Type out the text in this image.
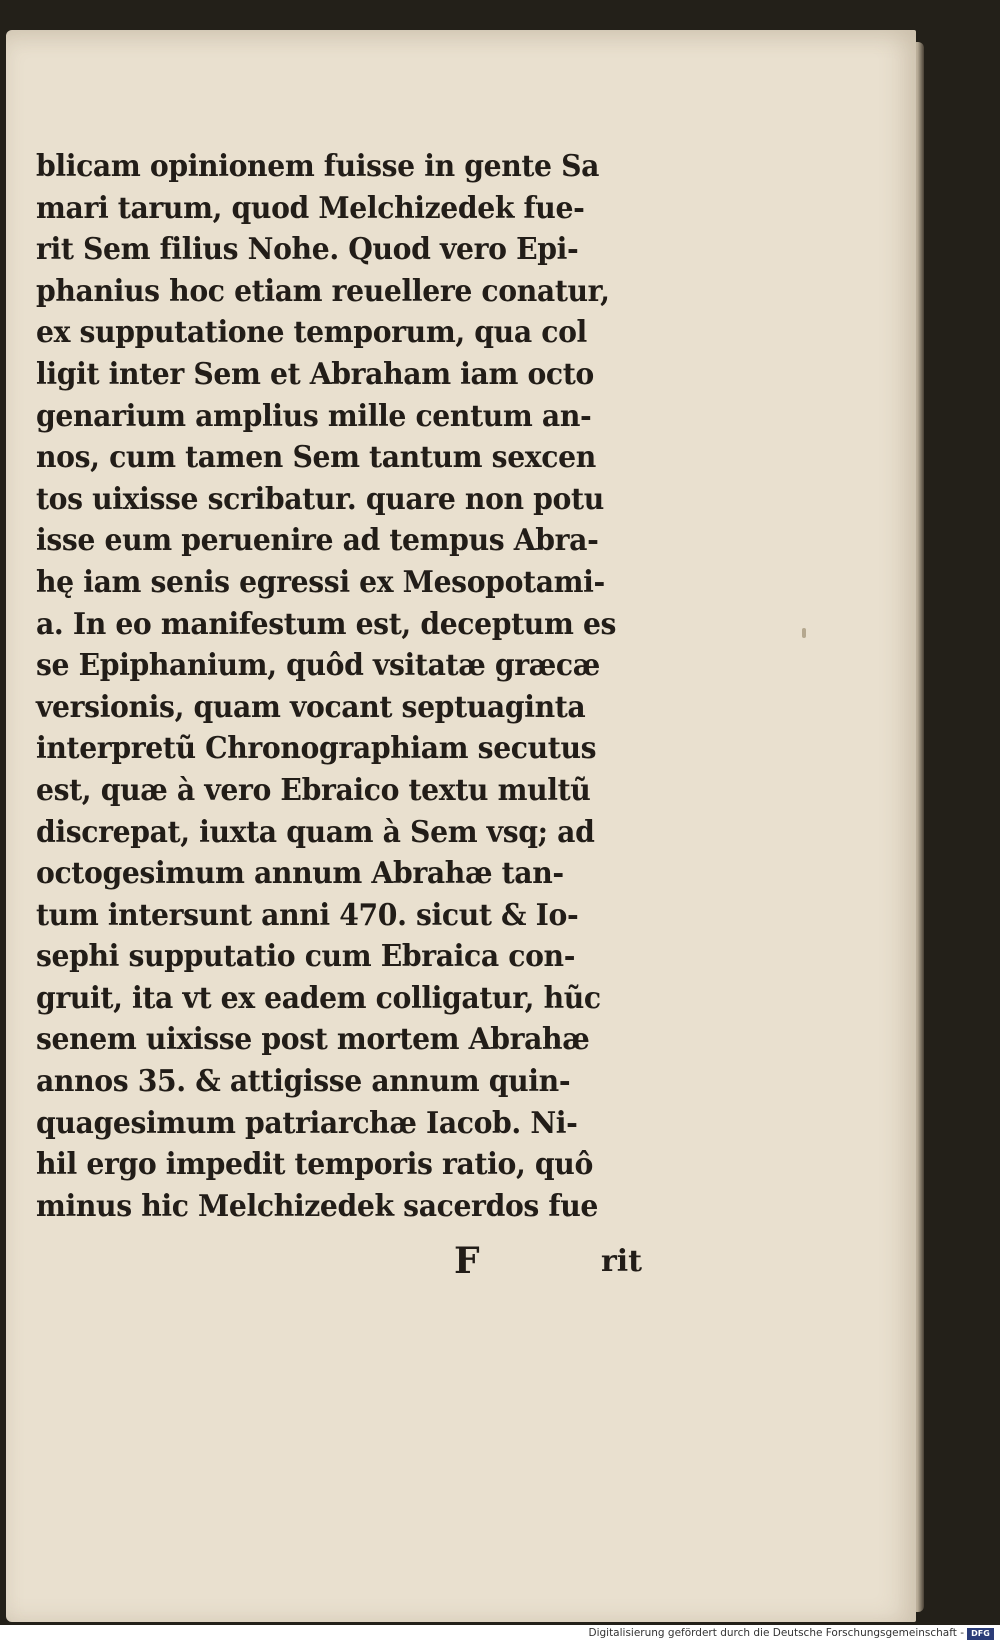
blicam opinionem fuisse in gente Sa
mari tarum, quod Melchizedek fue-
rit Sem filius Nohe. Quod vero Epi-
phanius hoc etiam reuellere conatur,
ex supputatione temporum, qua col
ligit inter Sem et Abraham iam octo
genarium amplius mille centum an-
nos, cum tamen Sem tantum sexcen
tos uixisse scribatur. quare non potu
isse eum peruenire ad tempus Abra-
hę iam senis egressi ex Mesopotami-
a. In eo manifestum est, deceptum es
se Epiphanium, quôd vsitatæ græcæ
versionis, quam vocant septuaginta
interpretũ Chronographiam secutus
est, quæ à vero Ebraico textu multũ
discrepat, iuxta quam à Sem vsq; ad
octogesimum annum Abrahæ tan-
tum intersunt anni 470. sicut & Io-
sephi supputatio cum Ebraica con-
gruit, ita vt ex eadem colligatur, hũc
senem uixisse post mortem Abrahæ
annos 35. & attigisse annum quin-
quagesimum patriarchæ Iacob. Ni-
hil ergo impedit temporis ratio, quô
minus hic Melchizedek sacerdos fue
F	rit
Digitalisierung gefördert durch die Deutsche Forschungsgemeinschaft - DFG
